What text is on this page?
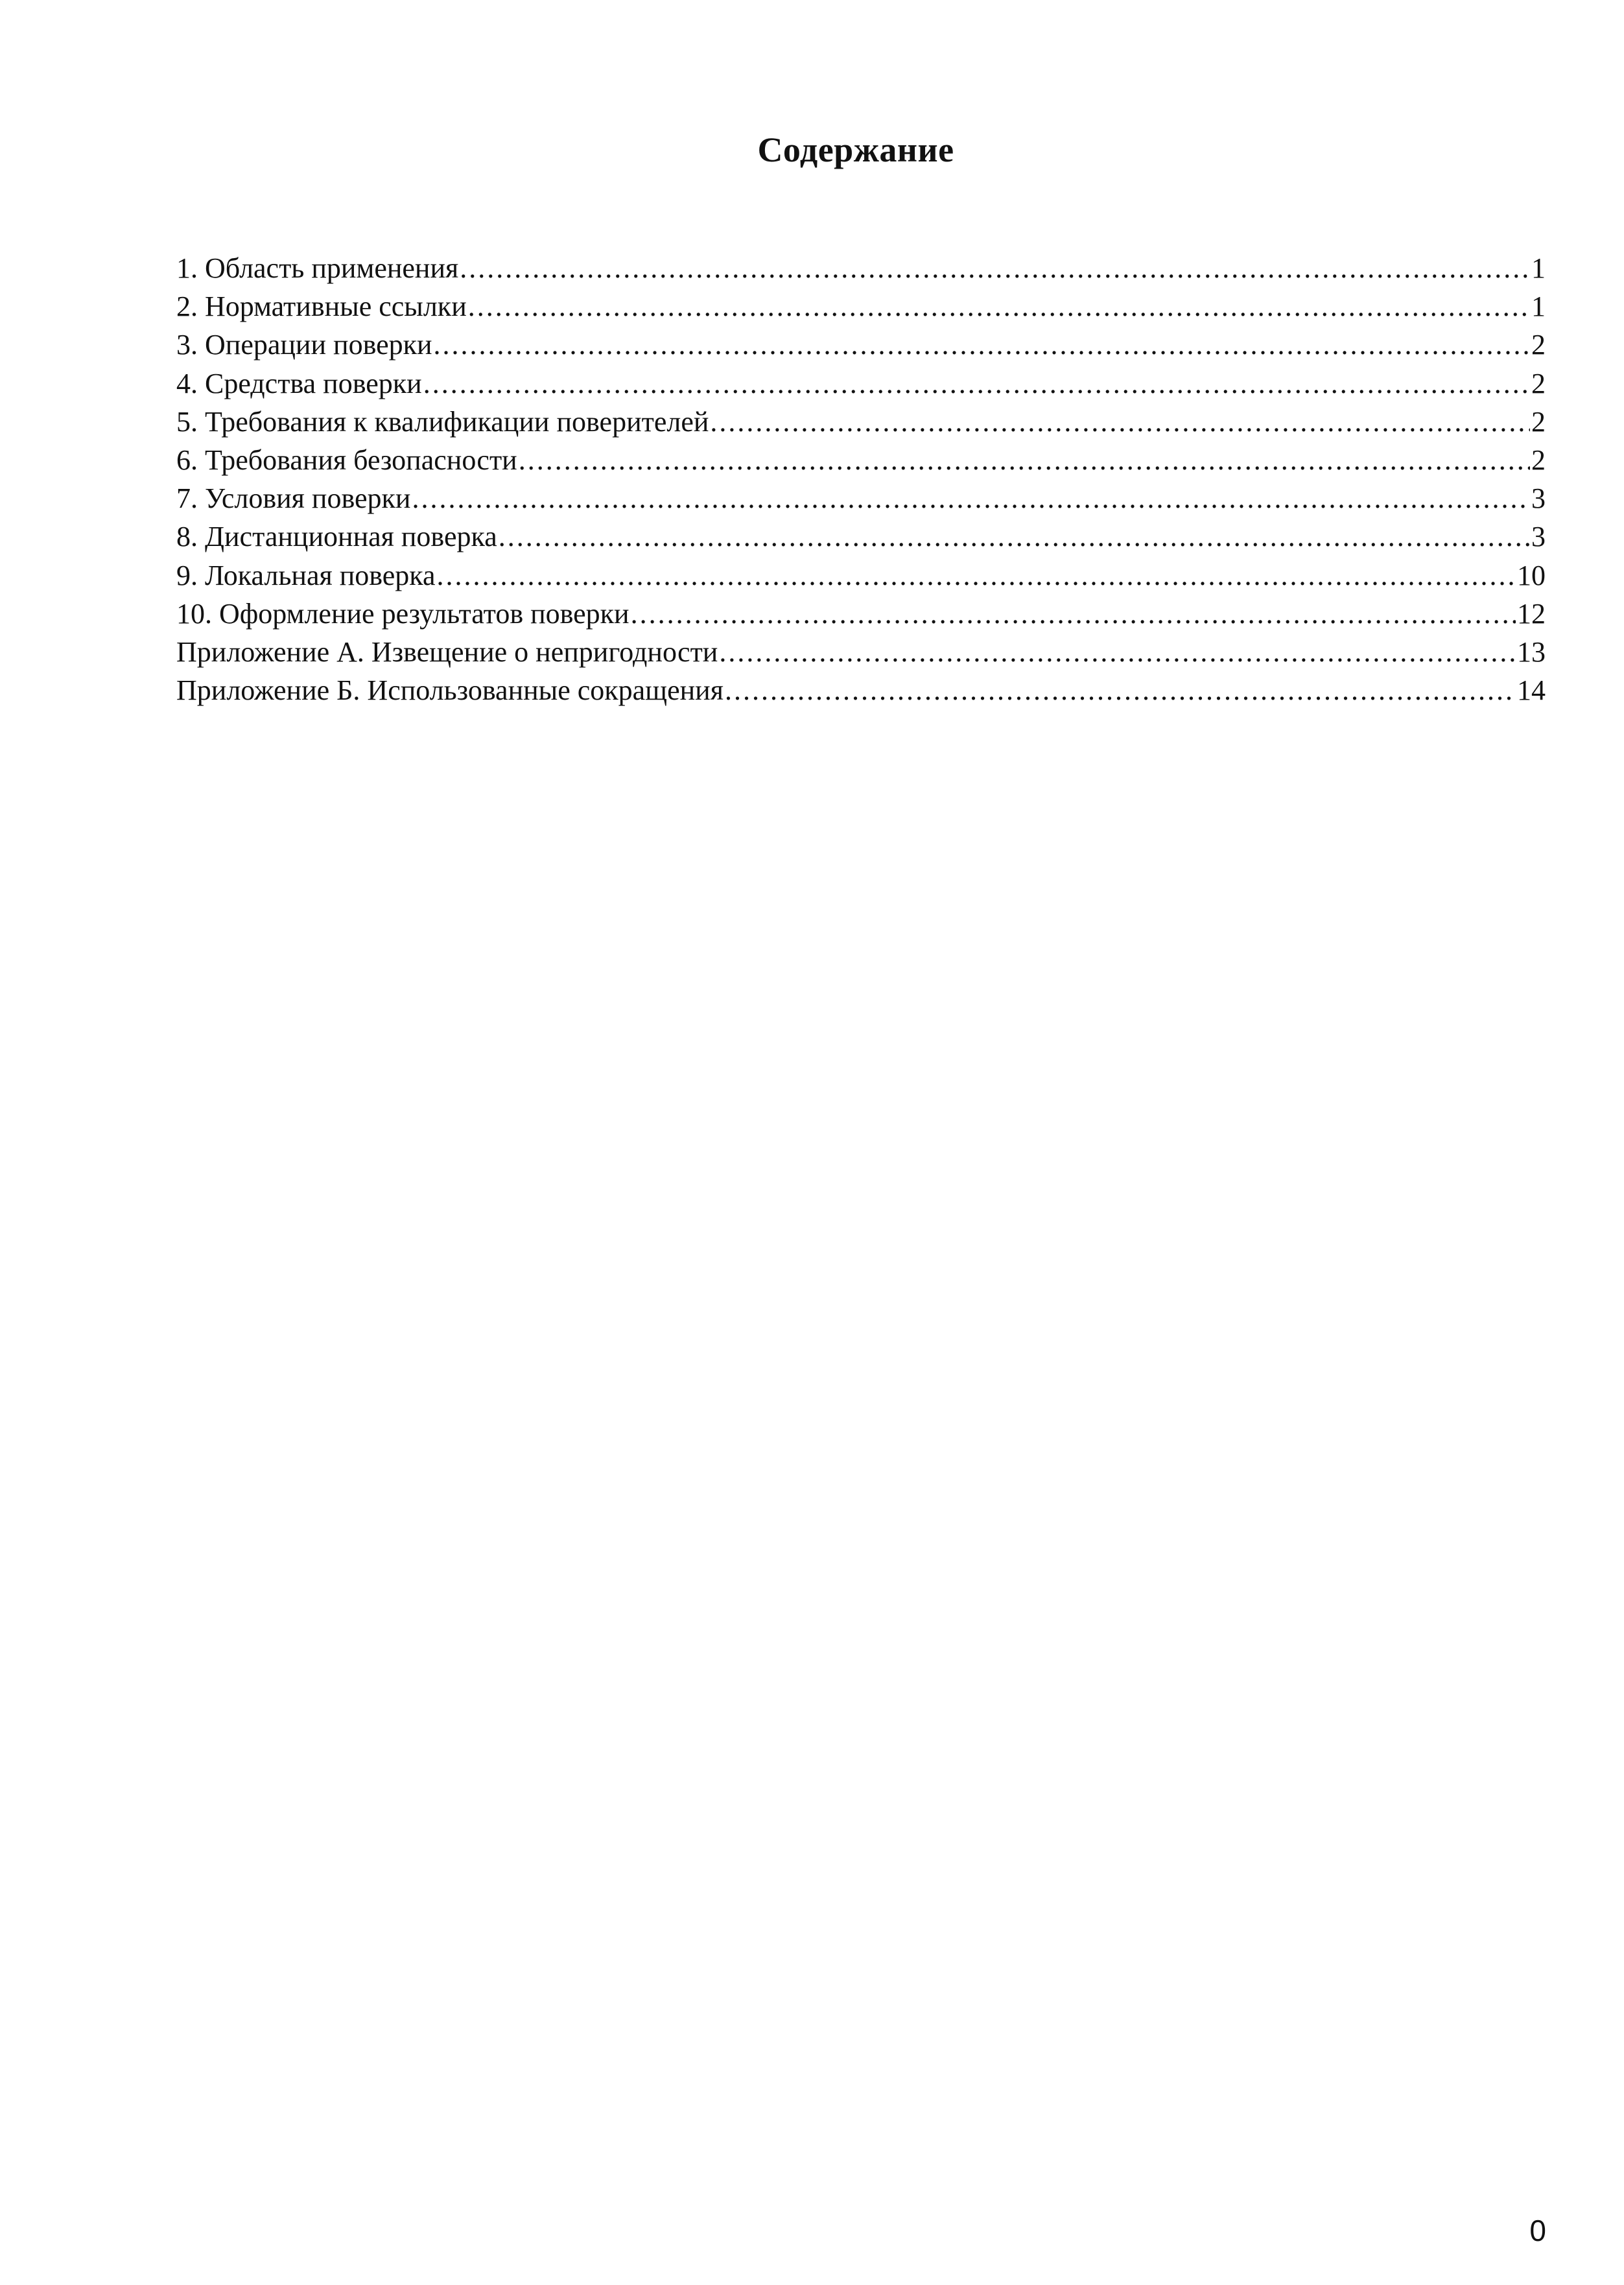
Содержание
1. Область применения .....	1
2. Нормативные ссылки .....	1
3. Операции поверки .....	2
4. Средства поверки .....	2
5. Требования к квалификации поверителей .....	2
6. Требования безопасности .....	2
7. Условия поверки .....	3
8. Дистанционная поверка .....	3
9. Локальная поверка .....	10
10. Оформление результатов поверки .....	12
Приложение А. Извещение о непригодности .....	13
Приложение Б. Использованные сокращения .....	14
0
